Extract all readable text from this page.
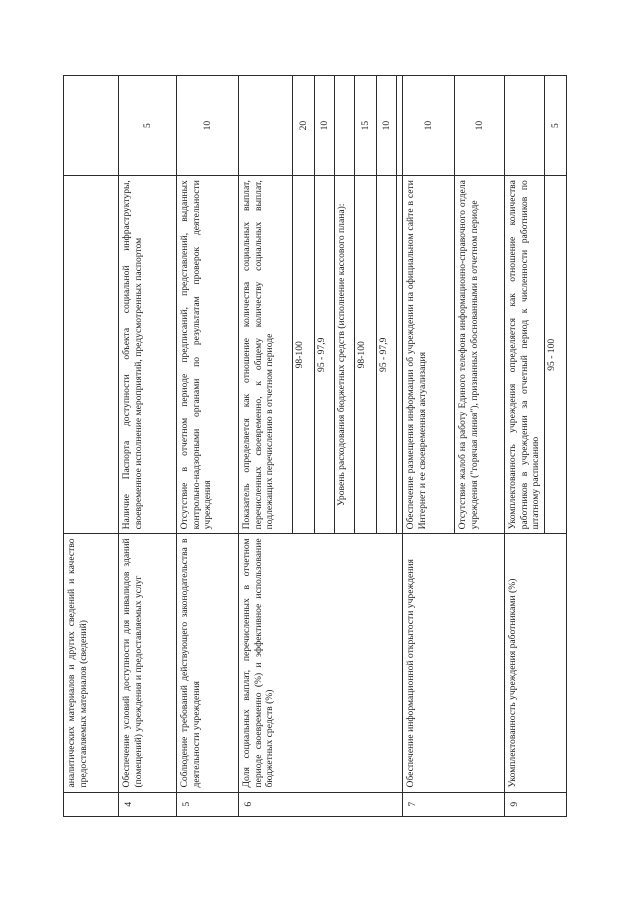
	аналитических материалов и других сведений и качество предоставляемых материалов (сведений)		
4	Обеспечение условий доступности для инвалидов зданий (помещений) учреждения и предоставляемых услуг	Наличие Паспорта доступности объекта социальной инфраструктуры, своевременное исполнение мероприятий, предусмотренных паспортом	5
5	Соблюдение требований действующего законодательства в деятельности учреждения	Отсутствие в отчетном периоде предписаний, представлений, выданных контрольно-надзорными органами по результатам проверок деятельности учреждения	10
6	Доля социальных выплат, перечисленных в отчетном периоде своевременно (%) и эффективное использование бюджетных средств (%)	Показатель определяется как отношение количества социальных выплат, перечисленных своевременно, к общему количеству социальных выплат, подлежащих перечислению в отчетном периоде	
		98-100	20
		95 - 97,9	10
		Уровень расходования бюджетных средств (исполнение кассового плана):	
		98-100	15
		95 - 97,9	10

7	Обеспечение информационной открытости учреждения	Обеспечение размещения информации об учреждении на официальном сайте в сети Интернет и ее своевременная актуализация	10
		Отсутствие жалоб на работу Единого телефона информационно-справочного отдела учреждения ("горячая линия"), признанных обоснованными в отчетном периоде	10
9	Укомплектованность учреждения работниками (%)	Укомплектованность учреждения определяется как отношение количества работников в учреждении за отчетный период к численности работников по штатному расписанию	
		95 - 100	5
